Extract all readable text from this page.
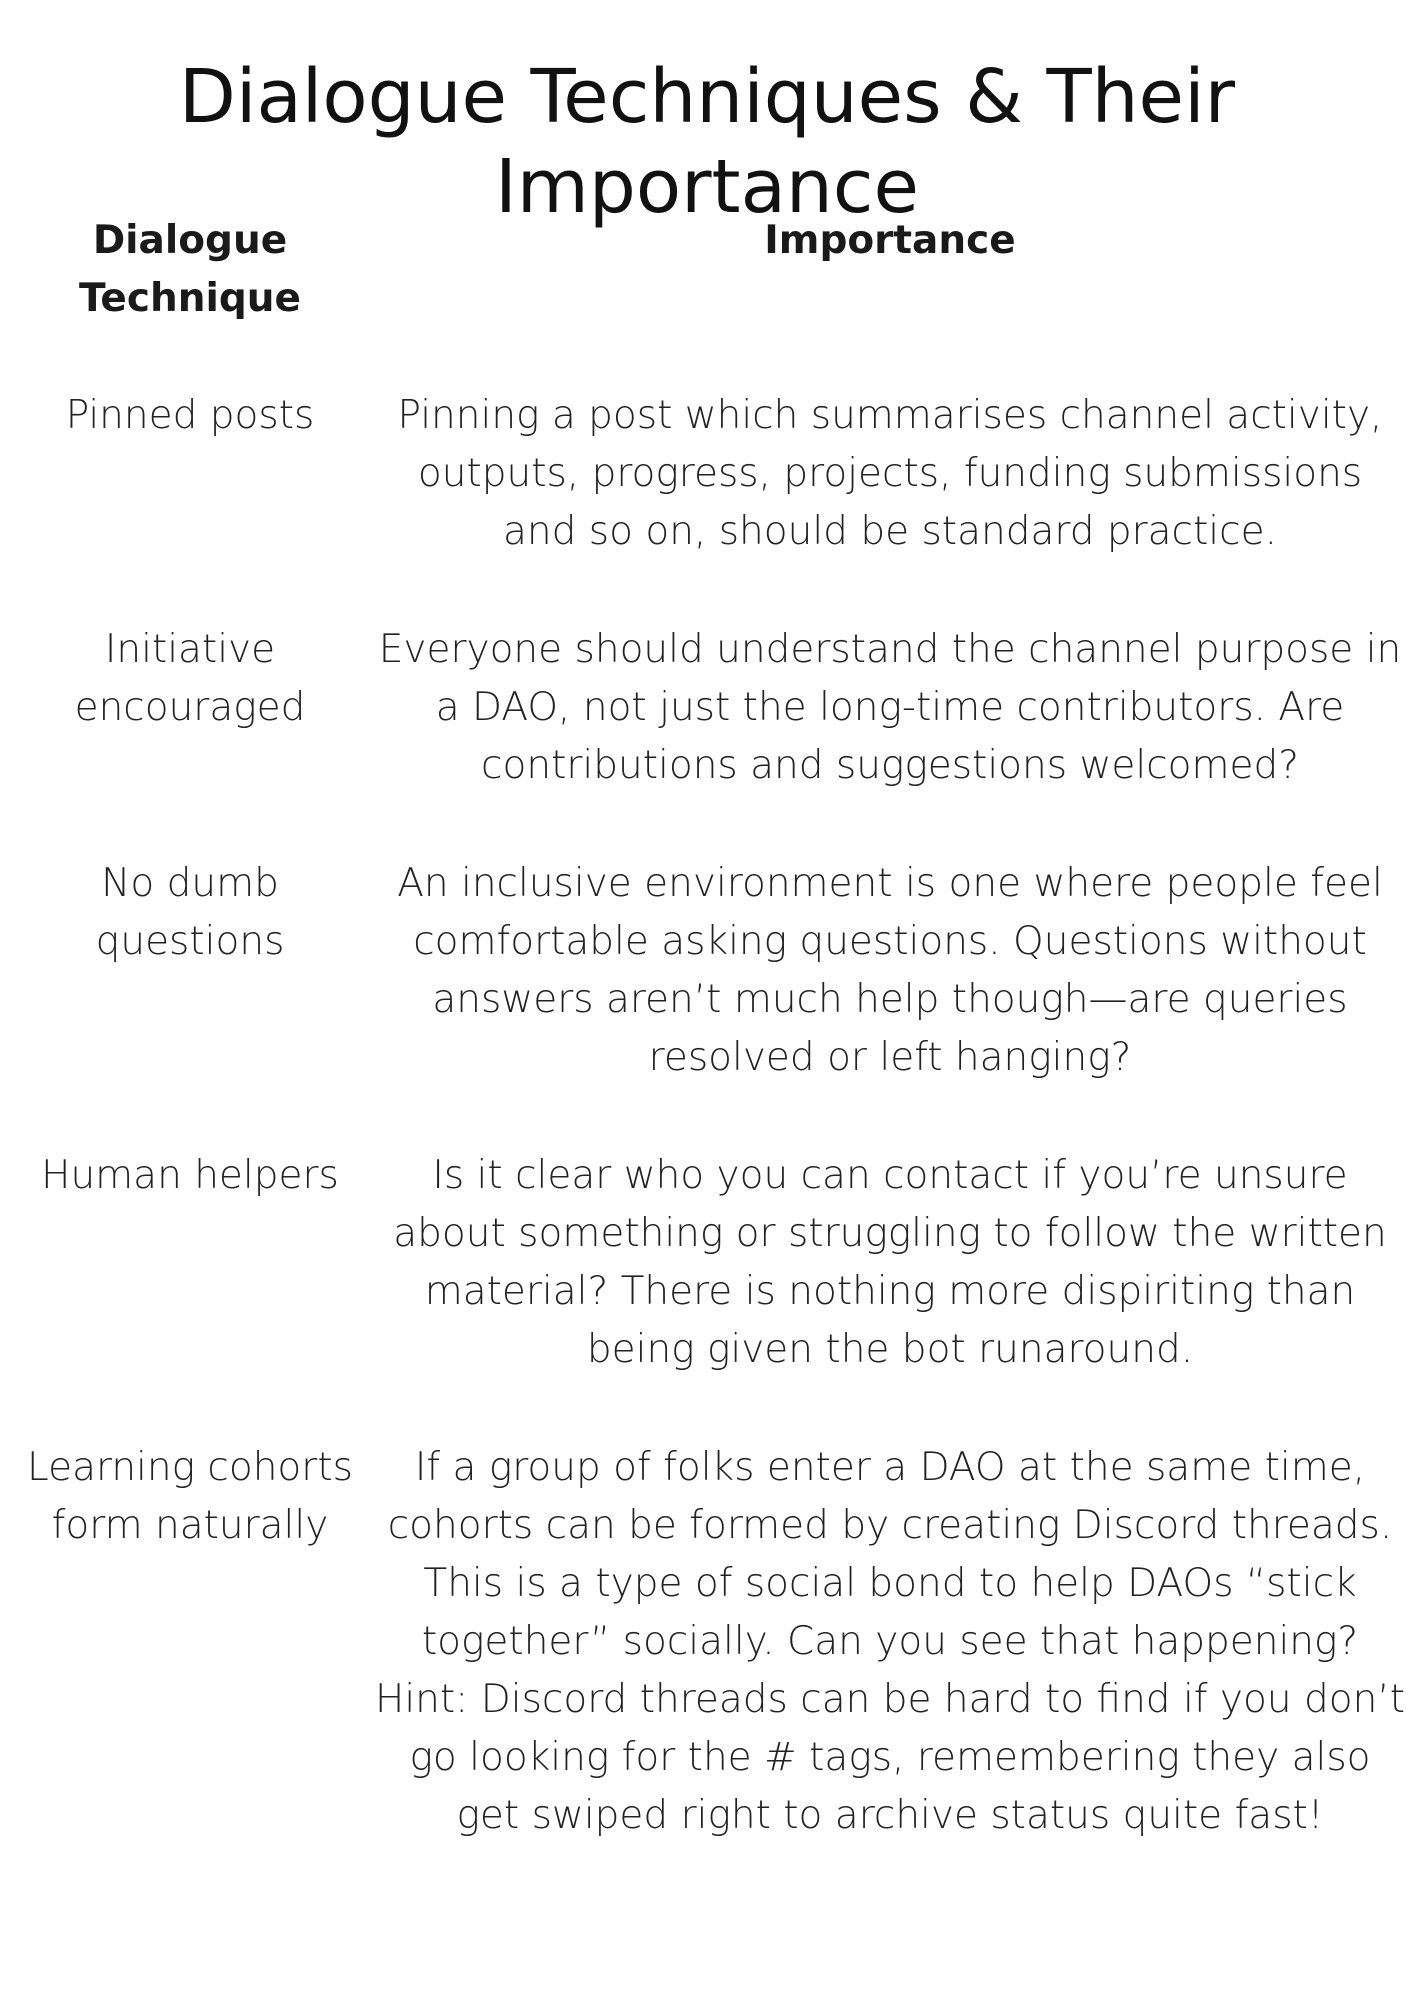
Dialogue Techniques & Their Importance
Dialogue Technique
Importance
Pinned posts	Pinning a post which summarises channel activity, outputs, progress, projects, funding submissions and so on, should be standard practice.
Initiative encouraged
Everyone should understand the channel purpose in a DAO, not just the long-time contributors. Are contributions and suggestions welcomed?
No dumb questions
An inclusive environment is one where people feel comfortable asking questions. Questions without answers aren’t much help though—are queries resolved or left hanging?
Human helpers	Is it clear who you can contact if you’re unsure about something or struggling to follow the written material? There is nothing more dispiriting than being given the bot runaround.
Learning cohorts form naturally
If a group of folks enter a DAO at the same time, cohorts can be formed by creating Discord threads. This is a type of social bond to help DAOs “stick together” socially. Can you see that happening? Hint: Discord threads can be hard to find if you don’t go looking for the # tags, remembering they also get swiped right to archive status quite fast!
